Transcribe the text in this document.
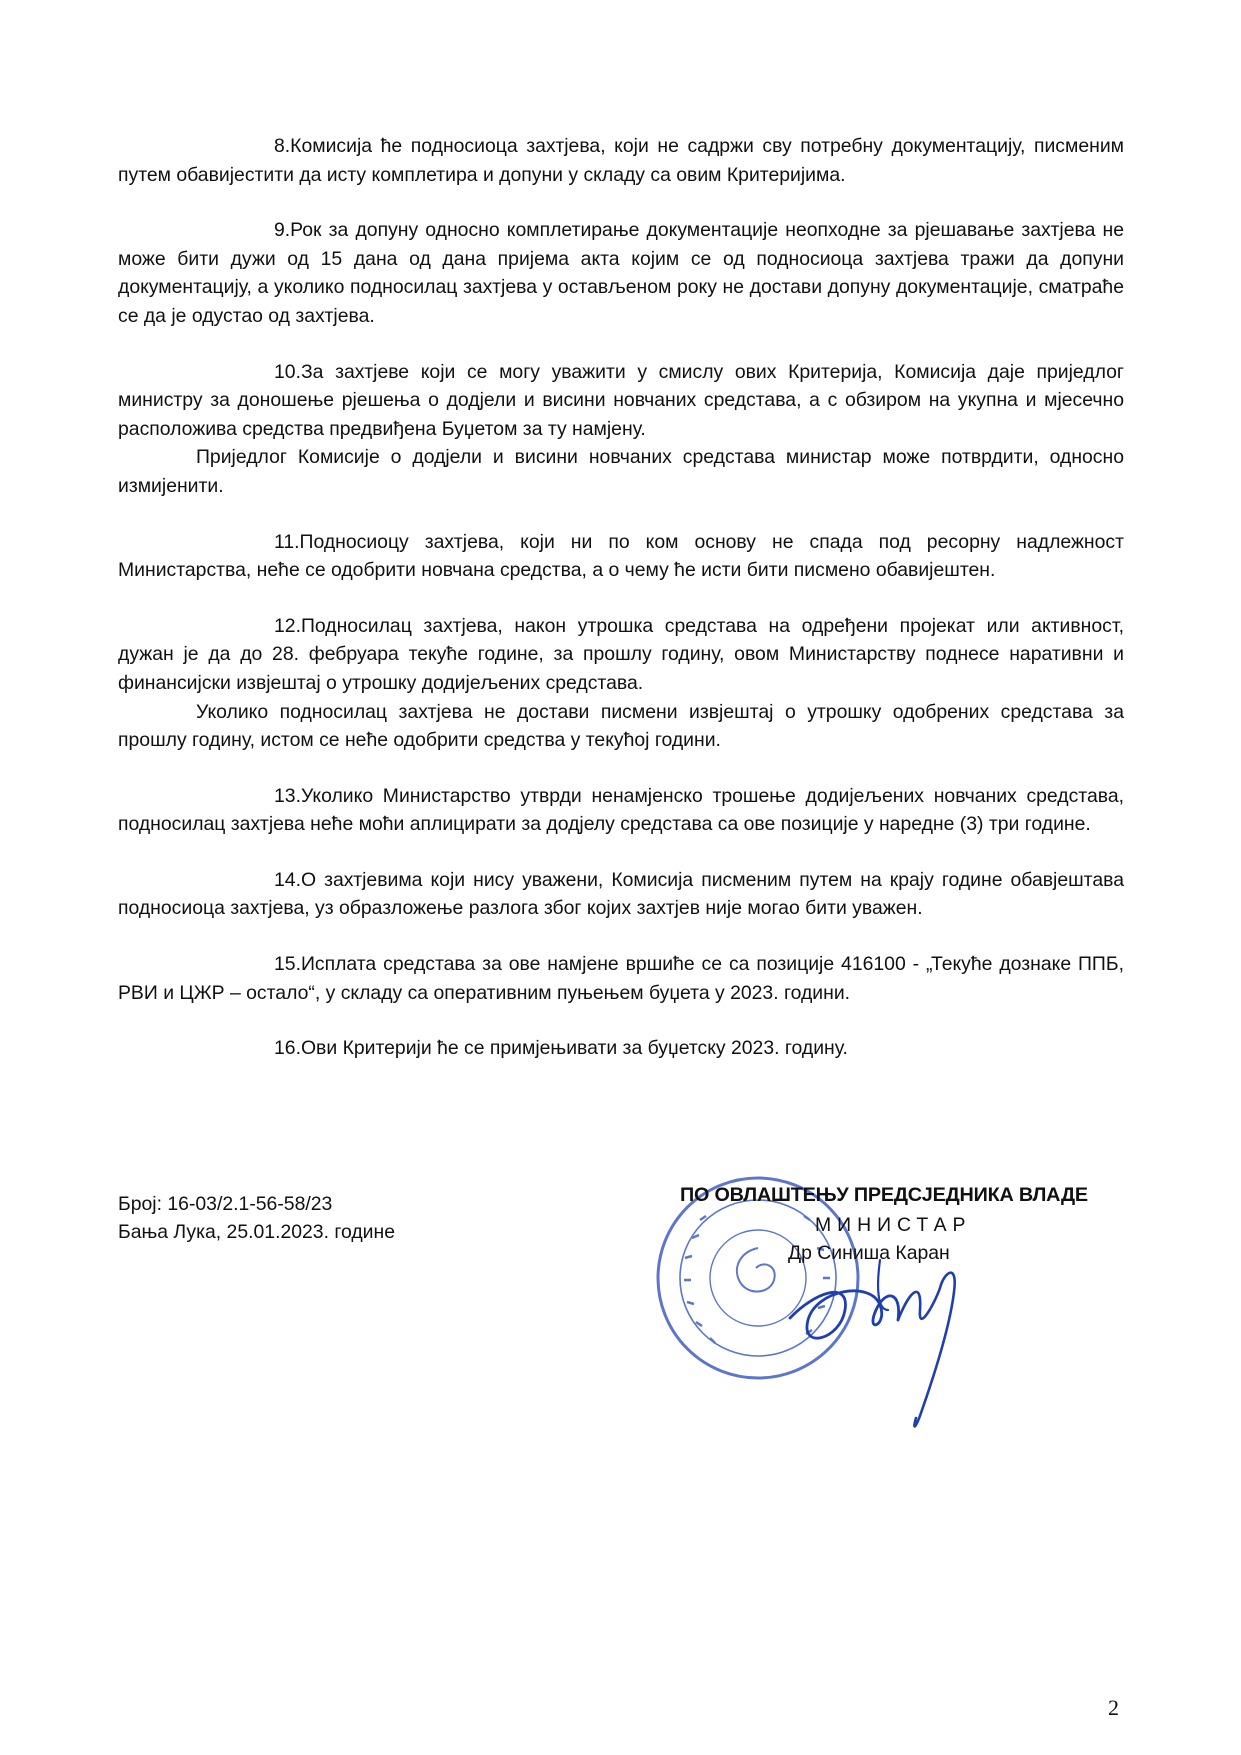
8.Комисија ће подносиоца захтјева, који не садржи сву потребну документацију, писменим путем обавијестити да исту комплетира и допуни у складу са овим Критеријима.

9.Рок за допуну односно комплетирање документације неопходне за рјешавање захтјева не може бити дужи од 15 дана од дана пријема акта којим се од подносиоца захтјева тражи да допуни документацију, а уколико подносилац захтјева у остављеном року не достави допуну документације, сматраће се да је одустао од захтјева.

10.За захтјеве који се могу уважити у смислу ових Критерија, Комисија даје приједлог министру за доношење рјешења о додјели и висини новчаних средстава, а с обзиром на укупна и мјесечно расположива средства предвиђена Буџетом за ту намјену.

Приједлог Комисије о додјели и висини новчаних средстава министар може потврдити, односно измијенити.

11.Подносиоцу захтјева, који ни по ком основу не спада под ресорну надлежност Министарства, неће се одобрити новчана средства, а о чему ће исти бити писмено обавијештен.

12.Подносилац захтјева, након утрошка средстава на одређени пројекат или активност, дужан је да до 28. фебруара текуће године, за прошлу годину, овом Министарству поднесе наративни и финансијски извјештај о утрошку додијељених средстава.

Уколико подносилац захтјева не достави писмени извјештај о утрошку одобрених средстава за прошлу годину, истом се неће одобрити средства у текућој години.

13.Уколико Министарство утврди ненамјенско трошење додијељених новчаних средстава, подносилац захтјева неће моћи аплицирати за додјелу средстава са ове позиције у наредне (3) три године.

14.О захтјевима који нису уважени, Комисија писменим путем на крају године обавјештава подносиоца захтјева, уз образложење разлога због којих захтјев није могао бити уважен.

15.Исплата средстава за ове намјене вршиће се са позиције 416100 - „Текуће дознаке ППБ, РВИ и ЦЖР – остало“, у складу са оперативним пуњењем буџета у 2023. години.

16.Ови Критерији ће се примјењивати за буџетску 2023. годину.

Број: 16-03/2.1-56-58/23
Бања Лука, 25.01.2023. године
ПО ОВЛАШТЕЊУ ПРЕДСЈЕДНИКА ВЛАДЕ
МИНИСТАР
Др Синиша Каран
2
